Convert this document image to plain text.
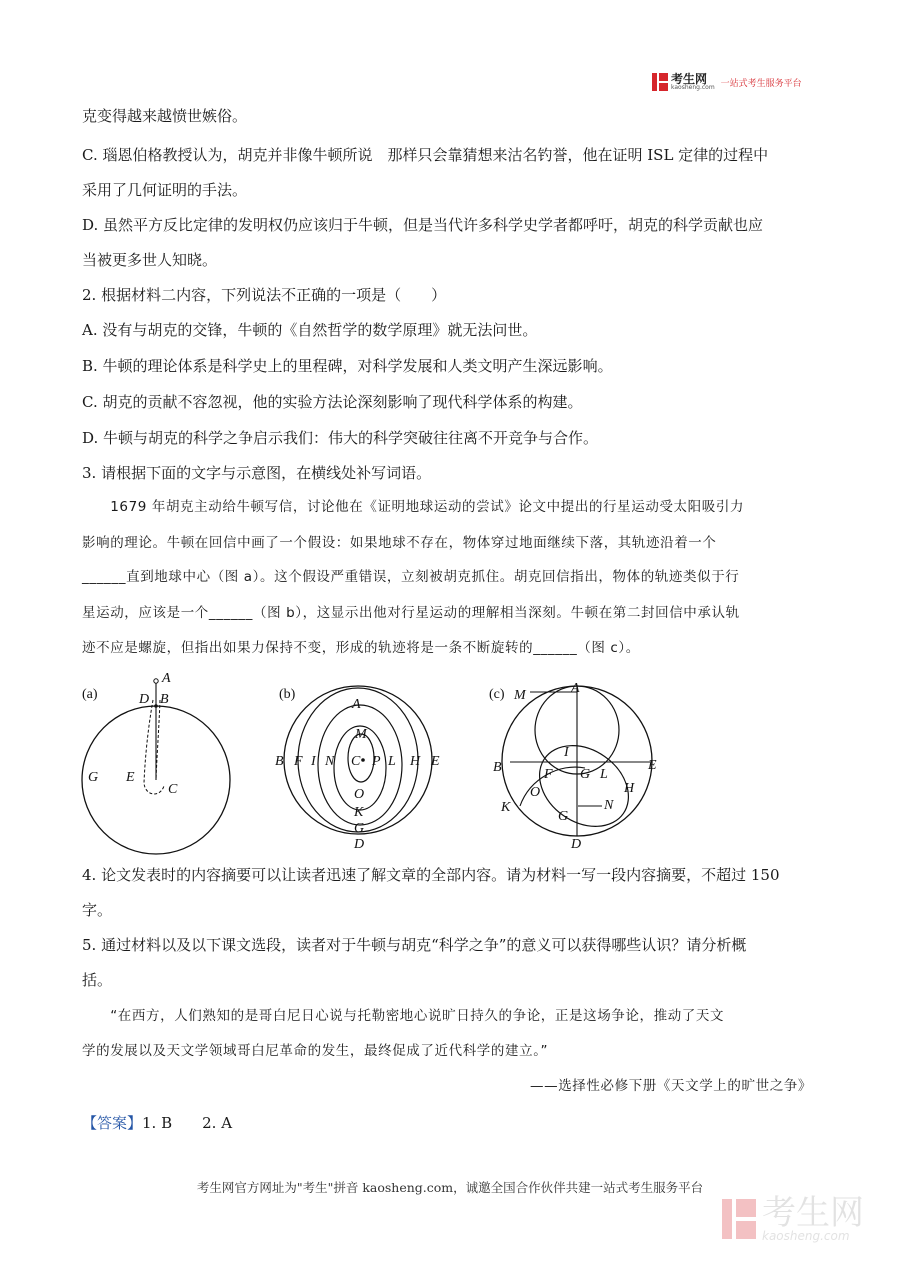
考生网
kaosheng.com 一站式考生服务平台
克变得越来越愤世嫉俗。
C. 瑙恩伯格教授认为，胡克并非像牛顿所说　那样只会靠猜想来沽名钓誉，他在证明 ISL 定律的过程中
采用了几何证明的手法。
D. 虽然平方反比定律的发明权仍应该归于牛顿，但是当代许多科学史学者都呼吁，胡克的科学贡献也应
当被更多世人知晓。
2. 根据材料二内容，下列说法不正确的一项是（　　）
A. 没有与胡克的交锋，牛顿的《自然哲学的数学原理》就无法问世。
B. 牛顿的理论体系是科学史上的里程碑，对科学发展和人类文明产生深远影响。
C. 胡克的贡献不容忽视，他的实验方法论深刻影响了现代科学体系的构建。
D. 牛顿与胡克的科学之争启示我们：伟大的科学突破往往离不开竞争与合作。
3. 请根据下面的文字与示意图，在横线处补写词语。
　　1679 年胡克主动给牛顿写信，讨论他在《证明地球运动的尝试》论文中提出的行星运动受太阳吸引力
影响的理论。牛顿在回信中画了一个假设：如果地球不存在，物体穿过地面继续下落，其轨迹沿着一个
______直到地球中心（图 a）。这个假设严重错误，立刻被胡克抓住。胡克回信指出，物体的轨迹类似于行
星运动，应该是一个______（图 b），这显示出他对行星运动的理解相当深刻。牛顿在第二封回信中承认轨
迹不应是螺旋，但指出如果力保持不变，形成的轨迹将是一条不断旋转的______（图 c）。
(a)
A
D B
G E
C
(b)
A
M
B F I N C P L H E
O
K
G
D
(c) M	A
I
B	F G L
E
O	H
N
K
G
D
4. 论文发表时的内容摘要可以让读者迅速了解文章的全部内容。请为材料一写一段内容摘要，不超过 150
字。
5. 通过材料以及以下课文选段，读者对于牛顿与胡克“科学之争”的意义可以获得哪些认识？请分析概
括。
　　“在西方，人们熟知的是哥白尼日心说与托勒密地心说旷日持久的争论，正是这场争论，推动了天文
学的发展以及天文学领域哥白尼革命的发生，最终促成了近代科学的建立。”
——选择性必修下册《天文学上的旷世之争》
【答案】1. B　　2. A
考生网官方网址为"考生"拼音 kaosheng.com，诚邀全国合作伙伴共建一站式考生服务平台
考生网
kaosheng.com
